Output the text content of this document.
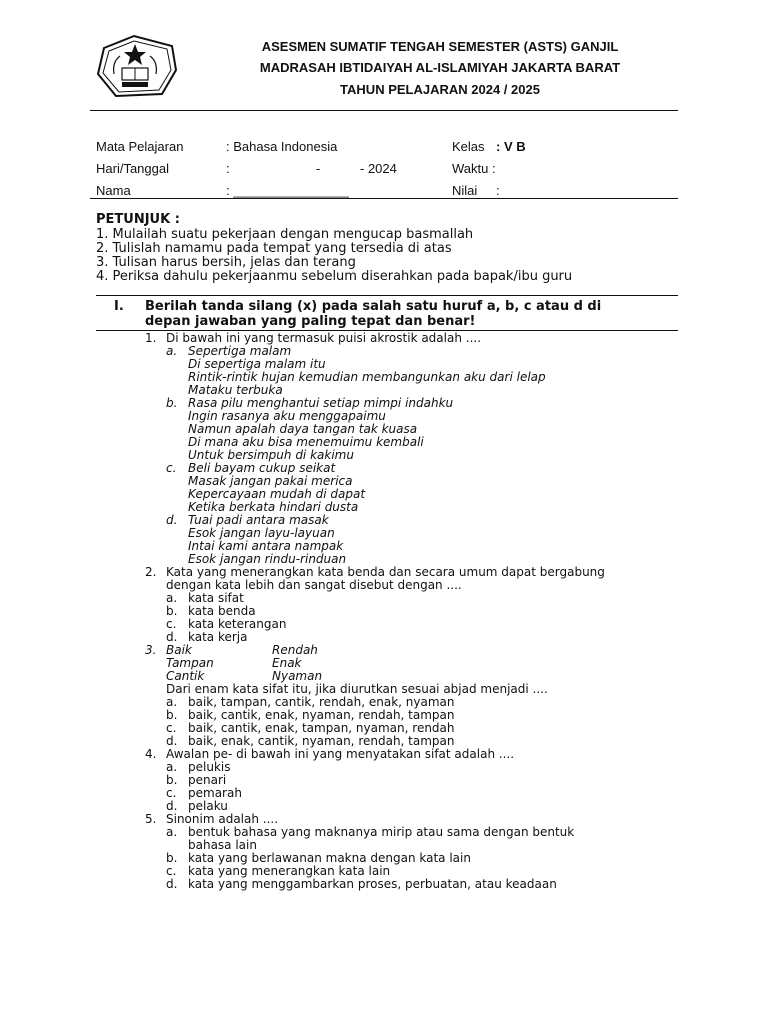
ASESMEN SUMATIF TENGAH SEMESTER (ASTS) GANJIL
MADRASAH IBTIDAIYAH AL-ISLAMIYAH JAKARTA BARAT
TAHUN PELAJARAN 2024 / 2025
Mata Pelajaran	: Bahasa Indonesia	Kelas : V B
Hari/Tanggal	:	-	- 2024	Waktu :
Nama	: ________________	Nilai :
PETUNJUK :
1. Mulailah suatu pekerjaan dengan mengucap basmallah
2. Tulislah namamu pada tempat yang tersedia di atas
3. Tulisan harus bersih, jelas dan terang
4. Periksa dahulu pekerjaanmu sebelum diserahkan pada bapak/ibu guru
I. Berilah tanda silang (x) pada salah satu huruf a, b, c atau d di
depan jawaban yang paling tepat dan benar!
1. Di bawah ini yang termasuk puisi akrostik adalah ....
a. Sepertiga malam
Di sepertiga malam itu
Rintik-rintik hujan kemudian membangunkan aku dari lelap
Mataku terbuka
b. Rasa pilu menghantui setiap mimpi indahku
Ingin rasanya aku menggapaimu
Namun apalah daya tangan tak kuasa
Di mana aku bisa menemuimu kembali
Untuk bersimpuh di kakimu
c. Beli bayam cukup seikat
Masak jangan pakai merica
Kepercayaan mudah di dapat
Ketika berkata hindari dusta
d. Tuai padi antara masak
Esok jangan layu-layuan
Intai kami antara nampak
Esok jangan rindu-rinduan
2. Kata yang menerangkan kata benda dan secara umum dapat bergabung
dengan kata lebih dan sangat disebut dengan ....
a. kata sifat
b. kata benda
c. kata keterangan
d. kata kerja
3. Baik	Rendah
Tampan	Enak
Cantik	Nyaman
Dari enam kata sifat itu, jika diurutkan sesuai abjad menjadi ....
a. baik, tampan, cantik, rendah, enak, nyaman
b. baik, cantik, enak, nyaman, rendah, tampan
c. baik, cantik, enak, tampan, nyaman, rendah
d. baik, enak, cantik, nyaman, rendah, tampan
4. Awalan pe- di bawah ini yang menyatakan sifat adalah ....
a. pelukis
b. penari
c. pemarah
d. pelaku
5. Sinonim adalah ....
a. bentuk bahasa yang maknanya mirip atau sama dengan bentuk
bahasa lain
b. kata yang berlawanan makna dengan kata lain
c. kata yang menerangkan kata lain
d. kata yang menggambarkan proses, perbuatan, atau keadaan
